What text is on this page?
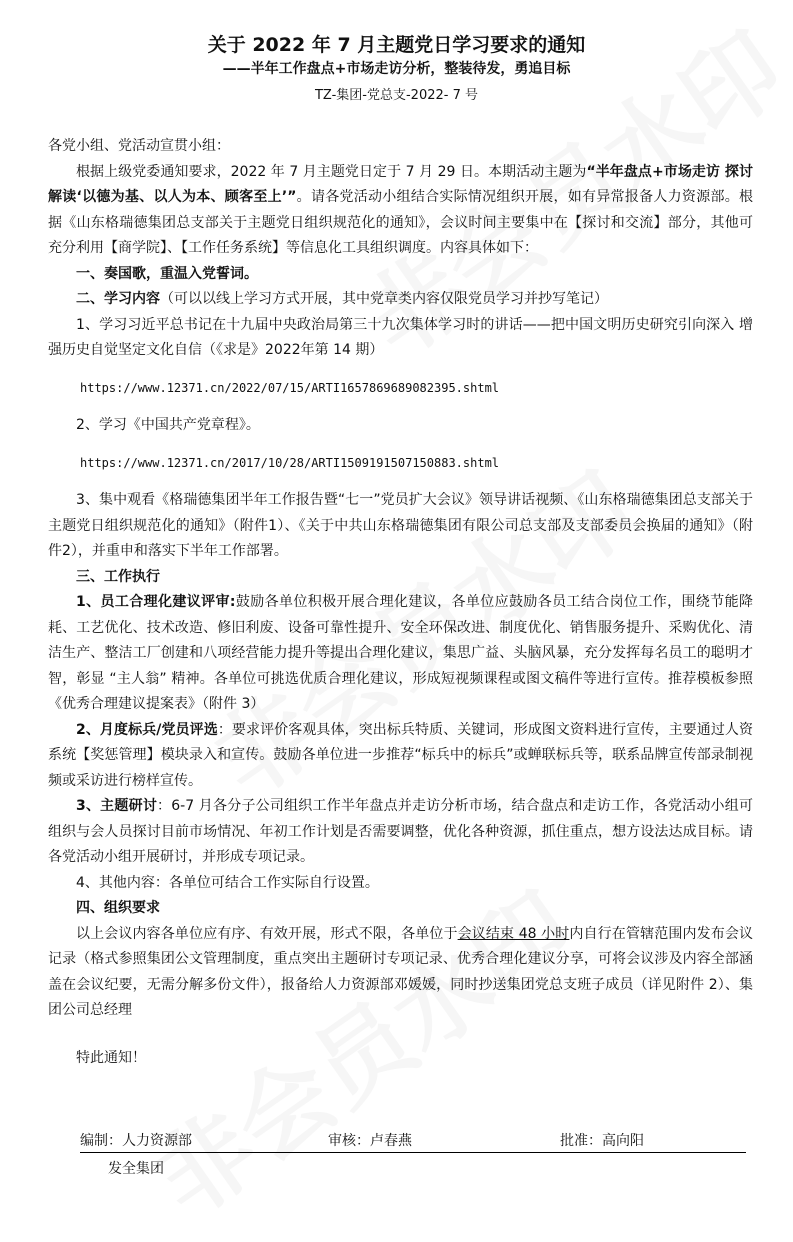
关于 2022 年 7 月主题党日学习要求的通知
——半年工作盘点+市场走访分析，整装待发，勇追目标
TZ-集团-党总支-2022- 7 号

各党小组、党活动宣贯小组：

根据上级党委通知要求，2022 年 7 月主题党日定于 7 月 29 日。本期活动主题为“半年盘点+市场走访 探讨解读‘以德为基、以人为本、顾客至上’”。请各党活动小组结合实际情况组织开展，如有异常报备人力资源部。根据《山东格瑞德集团总支部关于主题党日组织规范化的通知》，会议时间主要集中在【探讨和交流】部分，其他可充分利用【商学院】、【工作任务系统】等信息化工具组织调度。内容具体如下：

一、奏国歌，重温入党誓词。

二、学习内容（可以以线上学习方式开展，其中党章类内容仅限党员学习并抄写笔记）

1、学习习近平总书记在十九届中央政治局第三十九次集体学习时的讲话——把中国文明历史研究引向深入 增强历史自觉坚定文化自信（《求是》2022年第 14 期）

https://www.12371.cn/2022/07/15/ARTI1657869689082395.shtml

2、学习《中国共产党章程》。

https://www.12371.cn/2017/10/28/ARTI1509191507150883.shtml

3、集中观看《格瑞德集团半年工作报告暨“七一”党员扩大会议》领导讲话视频、《山东格瑞德集团总支部关于主题党日组织规范化的通知》（附件1）、《关于中共山东格瑞德集团有限公司总支部及支部委员会换届的通知》（附件2），并重申和落实下半年工作部署。

三、工作执行

1、员工合理化建议评审:鼓励各单位积极开展合理化建议，各单位应鼓励各员工结合岗位工作，围绕节能降耗、工艺优化、技术改造、修旧利废、设备可靠性提升、安全环保改进、制度优化、销售服务提升、采购优化、清洁生产、整洁工厂创建和八项经营能力提升等提出合理化建议，集思广益、头脑风暴，充分发挥每名员工的聪明才智，彰显 “主人翁” 精神。各单位可挑选优质合理化建议，形成短视频课程或图文稿件等进行宣传。推荐模板参照《优秀合理建议提案表》（附件 3）

2、月度标兵/党员评选：要求评价客观具体，突出标兵特质、关键词，形成图文资料进行宣传，主要通过人资系统【奖惩管理】模块录入和宣传。鼓励各单位进一步推荐“标兵中的标兵”或蝉联标兵等，联系品牌宣传部录制视频或采访进行榜样宣传。

3、主题研讨：6-7 月各分子公司组织工作半年盘点并走访分析市场，结合盘点和走访工作，各党活动小组可组织与会人员探讨目前市场情况、年初工作计划是否需要调整，优化各种资源，抓住重点，想方设法达成目标。请各党活动小组开展研讨，并形成专项记录。

4、其他内容：各单位可结合工作实际自行设置。

四、组织要求

以上会议内容各单位应有序、有效开展，形式不限，各单位于会议结束 48 小时内自行在管辖范围内发布会议记录（格式参照集团公文管理制度，重点突出主题研讨专项记录、优秀合理化建议分享，可将会议涉及内容全部涵盖在会议纪要，无需分解多份文件），报备给人力资源部邓媛媛，同时抄送集团党总支班子成员（详见附件 2）、集团公司总经理

特此通知！

编制：人力资源部	审核：卢春燕	批准：高向阳
发全集团
